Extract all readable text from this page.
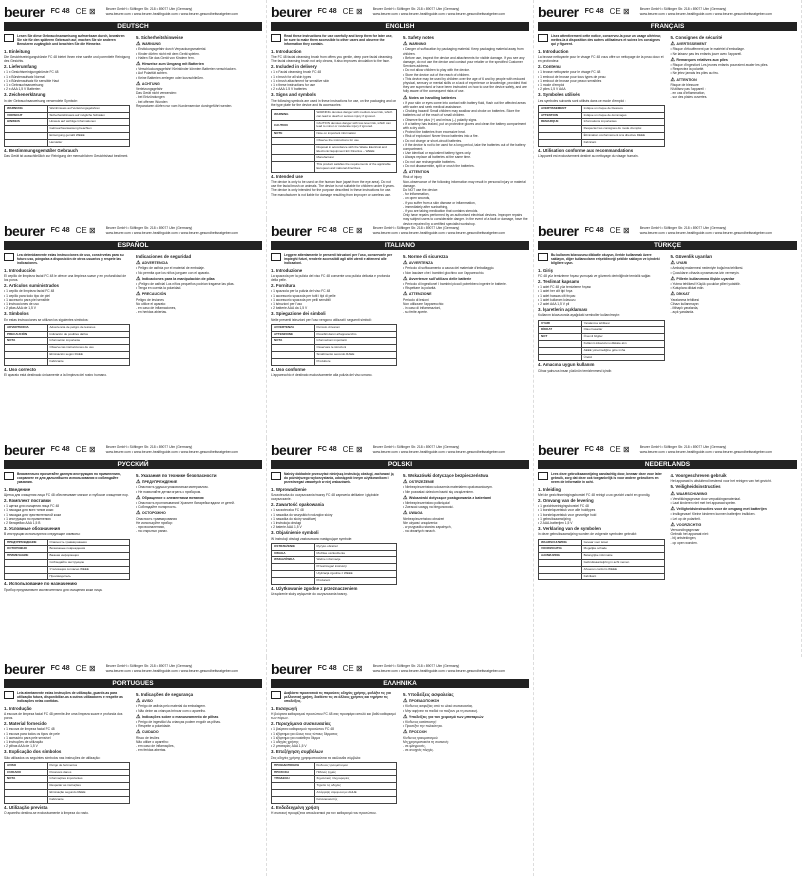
beurer FC 48 CE ⊠	Beurer GmbH • Söflinger Str. 218 • 89077 Ulm (Germany)
www.beurer.com • www.beurer-healthguide.com • www.beurer-gesundheitsratgeber.com
DEUTSCH
Lesen Sie diese Gebrauchsanweisung aufmerksam durch, bewahren Sie sie für den späteren Gebrauch auf, machen Sie sie anderen Benutzern zugänglich und beachten Sie die Hinweise.
1. Einleitung
Die Gesichtsreinigungsbürste FC 48 bietet Ihnen eine sanfte und porentiefe Reinigung des Gesichts.
2. Lieferumfang
• 1 x Gesichtsreinigungsbürste FC 48
• 1 x Bürstenaufsatz Normal
• 1 x Bürstenaufsatz für sensible Haut
• 1 x Gebrauchsanweisung
• 2 x AAA 1,5 V Batterien
3. Zeichenerklärung
In der Gebrauchsanweisung verwendete Symbole:
WARNUNG	Warnhinweis auf Verletzungsgefahren
VORSICHT	Sicherheitshinweis auf mögliche Schäden
HINWEIS	Hinweis auf wichtige Informationen
	Gebrauchsanweisung beachten
	Entsorgung gemäß WEEE
	Hersteller
4. Bestimmungsgemäßer Gebrauch
Das Gerät ist ausschließlich zur Reinigung der menschlichen Gesichtshaut bestimmt.
5. Sicherheitshinweise
⚠ WARNUNG
• Erstickungsgefahr durch Verpackungsmaterial.
• Kinder dürfen nicht mit dem Gerät spielen.
• Halten Sie das Gerät von Kindern fern.
⚠ Hinweise zum Umgang mit Batterien
• Verschluckungsgefahr! Kleinkinder könnten Batterien verschlucken.
• Auf Polarität achten.
• Keine Batterien zerlegen oder kurzschließen.
⚠ ACHTUNG
Verletzungsgefahr
Das Gerät nicht verwenden:
- bei Entzündungen
- bei offenen Wunden
Reparaturen dürfen nur vom Kundenservice durchgeführt werden.
beurer FC 48 CE ⊠	Beurer GmbH • Söflinger Str. 218 • 89077 Ulm (Germany)
www.beurer.com • www.beurer-healthguide.com • www.beurer-gesundheitsratgeber.com
ENGLISH
Read these instructions for use carefully and keep them for later use, be sure to make them accessible to other users and observe the information they contain.
1. Introduction
The FC 48 facial cleansing brush from offers you gentle, deep pore facial cleansing. The facial cleansing brush not only cleans, it also improves circulation to the face.
2. Included in delivery
• 1 x Facial cleansing brush FC 48
• 1 x brush for all skin types
• 1 x brush attachment for sensitive skin
• 1 x these instructions for use
• 2 x AAA 1.5 V batteries
3. Signs and symbols
The following symbols are used in these instructions for use, on the packaging and on the type plate for the device and its accessories:
WARNING	WARNING denotes danger with medium-level risk, which can lead to death or serious injury if ignored.
CAUTION	CAUTION denotes danger with low-level risk, which can lead to minor or moderate injury if ignored.
NOTE	Note on important information
	Observe the instructions for use
	Disposal in accordance with the Waste Electrical and Electronic Equipment EC Directive – WEEE
	Manufacturer
	This product satisfies the requirements of the applicable European and national directives.
4. Intended use
The device is only to be used on the human face (apart from the eye area). Do not use the facial brush on animals. The device is not suitable for children under 6 years.
The device is only intended for the purpose described in these instructions for use. The manufacturer is not liable for damage resulting from improper or careless use.
5. Safety notes
⚠ WARNING
• Danger of suffocation by packaging material. Keep packaging material away from children.
• Before use, inspect the device and attachments for visible damage. If you see any damage, do not use the device and contact your retailer or the specified Customer Services address.
• Do not allow children to play with the device.
• Store the device out of the reach of children.
• This device may be used by children over the age of 6 and by people with reduced physical, sensory or mental skills or a lack of experience or knowledge, provided that they are supervised or have been instructed on how to use the device safely, and are fully aware of the consequent risks of use.
⚠ Notes on handling batteries
• If your skin or eyes come into contact with battery fluid, flush out the affected areas with water and seek medical assistance.
• Choking hazard! Small children may swallow and choke on batteries. Store the batteries out of the reach of small children.
• Observe the plus (+) and minus (–) polarity signs.
• If a battery has leaked, put on protective gloves and clean the battery compartment with a dry cloth.
• Protect the batteries from excessive heat.
• Risk of explosion! Never throw batteries into a fire.
• Do not charge or short-circuit batteries.
• If the device is not to be used for a long period, take the batteries out of the battery compartment.
• Use identical or equivalent battery types only.
• Always replace all batteries at the same time.
• Do not use rechargeable batteries.
• Do not disassemble, split or crush the batteries.
⚠ ATTENTION
Risk of injury
Non-observance of the following information may result in personal injury or material damage.
Do NOT use the device:
- for inflammation,
- on open wounds,
- if you suffer from a skin disease or inflammation,
- immediately after sunbathing,
- if you are taking medication that contains steroids.
Only have repairs performed by an authorised electrical devices. Improper repairs may subject users to considerable danger. In the event of a fault or damage, have the device repaired by a certified specialist workshop.
beurer FC 48 CE ⊠	Beurer GmbH • Söflinger Str. 218 • 89077 Ulm (Germany)
www.beurer.com • www.beurer-healthguide.com • www.beurer-gesundheitsratgeber.com
FRANÇAIS
Lisez attentivement cette notice, conservez-la pour un usage ultérieur, mettez-la à disposition des autres utilisateurs et suivez les consignes qui y figurent.
1. Introduction
La brosse nettoyante pour le visage FC 48 vous offre un nettoyage de la peau doux et en profondeur.
2. Contenu
• 1 brosse nettoyante pour le visage FC 48
• 1 embout de brosse pour tous types de peau
• 1 embout de brosse pour peaux sensibles
• 1 mode d'emploi
• 2 piles 1,5 V AAA
3. Symboles utilisés
Les symboles suivants sont utilisés dans ce mode d'emploi :
AVERTISSEMENT	Indique un risque de blessure
ATTENTION	Indique un risque de dommages
REMARQUE	Informations importantes
	Respectez les consignes du mode d'emploi
	Élimination conformément à la directive DEEE
	Fabricant
4. Utilisation conforme aux recommandations
L'appareil est exclusivement destiné au nettoyage du visage humain.
5. Consignes de sécurité
⚠ AVERTISSEMENT
• Risque d'étouffement par le matériel d'emballage.
• Ne laissez pas les enfants jouer avec l'appareil.
⚠ Remarques relatives aux piles
• Risque d'ingestion! Les jeunes enfants pourraient avaler les piles.
• Respectez la polarité.
• Ne jetez jamais les piles au feu.
⚠ ATTENTION
Risque de blessure
N'utilisez pas l'appareil :
- en cas d'inflammation,
- sur des plaies ouvertes.
beurer FC 48 CE ⊠	Beurer GmbH • Söflinger Str. 218 • 89077 Ulm (Germany)
www.beurer.com • www.beurer-healthguide.com • www.beurer-gesundheitsratgeber.com
ESPAÑOL
Lea detenidamente estas instrucciones de uso, consérvelas para su futuro uso, póngalas a disposición de otros usuarios y respete las indicaciones.
1. Introducción
El cepillo de limpieza facial FC 48 le ofrece una limpieza suave y en profundidad de los poros.
2. Artículos suministrados
• 1 cepillo de limpieza facial FC 48
• 1 cepillo para todo tipo de piel
• 1 accesorio para piel sensible
• 1 instrucciones de uso
• 2 pilas AAA de 1,5 V
3. Símbolos
En estas instrucciones se utilizan los siguientes símbolos:
ADVERTENCIA	Advertencia de peligro de lesiones
PRECAUCIÓN	Indicación de posibles daños
NOTA	Información importante
	Observe las instrucciones de uso
	Eliminación según RAEE
	Fabricante
4. Uso correcto
El aparato está destinado únicamente a la limpieza del rostro humano.
Indicaciones de seguridad
⚠ ADVERTENCIA
• Peligro de asfixia por el material de embalaje.
• No permita que los niños jueguen con el aparato.
⚠ Indicaciones para la manipulación de pilas
• ¡Peligro de asfixia! Los niños pequeños podrían tragarse las pilas.
• Tenga en cuenta la polaridad.
⚠ PRECAUCIÓN
Peligro de lesiones
No utilice el aparato:
- en caso de inflamaciones,
- en heridas abiertas.
beurer FC 48 CE ⊠	Beurer GmbH • Söflinger Str. 218 • 89077 Ulm (Germany)
www.beurer.com • www.beurer-healthguide.com • www.beurer-gesundheitsratgeber.com
ITALIANO
Leggere attentamente le presenti istruzioni per l'uso, conservarle per impieghi futuri, renderle accessibili agli altri utenti e attenersi alle indicazioni.
1. Introduzione
La spazzola per la pulizia del viso FC 48 consente una pulizia delicata e profonda della pelle.
2. Fornitura
• 1 spazzola per la pulizia del viso FC 48
• 1 accessorio spazzola per tutti i tipi di pelle
• 1 accessorio spazzola per pelli sensibili
• 1 istruzioni per l'uso
• 2 batterie AAA da 1,5 V
3. Spiegazione dei simboli
Nelle presenti istruzioni per l'uso vengono utilizzati i seguenti simboli:
AVVERTENZA	Pericolo di lesioni
ATTENZIONE	Possibili danni all'apparecchio
NOTA	Informazioni importanti
	Osservare le istruzioni
	Smaltimento secondo RAEE
	Produttore
4. Uso conforme
L'apparecchio è destinato esclusivamente alla pulizia del viso umano.
5. Norme di sicurezza
⚠ AVVERTENZA
• Pericolo di soffocamento a causa del materiale d'imballaggio.
• Non lasciare che i bambini giochino con l'apparecchio.
⚠ Avvertenze sull'utilizzo delle batterie
• Pericolo di ingestione! I bambini piccoli potrebbero ingerire le batterie.
• Rispettare la polarità.
⚠ ATTENZIONE
Pericolo di lesioni
Non utilizzare l'apparecchio:
- in caso di infiammazioni,
- su ferite aperte.
beurer FC 48 CE ⊠	Beurer GmbH • Söflinger Str. 218 • 89077 Ulm (Germany)
www.beurer.com • www.beurer-healthguide.com • www.beurer-gesundheitsratgeber.com
TÜRKÇE
Bu kullanım kılavuzunu dikkatle okuyun, ileride kullanmak üzere saklayın, diğer kullanıcıların erişebileceği şekilde saklayın ve içindeki bilgilere uyun.
1. Giriş
FC 48 yüz temizleme fırçası yumuşak ve gözenek derinliğinde temizlik sağlar.
2. Teslimat kapsamı
• 1 adet FC 48 yüz temizleme fırçası
• 1 adet her cilt tipi fırça
• 1 adet hassas cilt fırçası
• 1 adet kullanım kılavuzu
• 2 adet AAA 1,5 V pil
3. İşaretlerin açıklaması
Kullanım kılavuzunda aşağıdaki semboller kullanılmıştır:
UYARI	Yaralanma tehlikesi
DİKKAT	Olası hasarlar
NOT	Önemli bilgiler
	Kullanım kılavuzunu dikkate alın
	AEEE yönetmeliğine göre imha
	Üretici
4. Amacına uygun kullanım
Cihaz yalnızca insan yüzünün temizlenmesi içindir.
5. Güvenlik uyarıları
⚠ UYARI
• Ambalaj malzemesi nedeniyle boğulma tehlikesi.
• Çocukların cihazla oynamasına izin vermeyin.
⚠ Pillerin kullanımına ilişkin uyarılar
• Yutma tehlikesi! Küçük çocuklar pilleri yutabilir.
• Kutuplara dikkat edin.
⚠ DİKKAT
Yaralanma tehlikesi
Cihazı kullanmayın:
- iltihaplı yaralarda,
- açık yaralarda.
beurer FC 48 CE ⊠	Beurer GmbH • Söflinger Str. 218 • 89077 Ulm (Germany)
www.beurer.com • www.beurer-healthguide.com • www.beurer-gesundheitsratgeber.com
РУССКИЙ
Внимательно прочитайте данную инструкцию по применению, сохраните ее для дальнейшего использования и соблюдайте указания.
1. Введение
Щетка для очищения лица FC 48 обеспечивает мягкое и глубокое очищение пор.
2. Комплект поставки
• 1 щетка для очищения лица FC 48
• 1 насадка для всех типов кожи
• 1 насадка для чувствительной кожи
• 1 инструкция по применению
• 2 батарейки AAA 1,5 В
3. Условные обозначения
В инструкции используются следующие символы:
ПРЕДУПРЕЖДЕНИЕ	Опасность травмирования
ОСТОРОЖНО	Возможные повреждения
ПРИМЕЧАНИЕ	Важная информация
	Соблюдайте инструкцию
	Утилизация согласно WEEE
	Производитель
4. Использование по назначению
Прибор предназначен исключительно для очищения кожи лица.
5. Указания по технике безопасности
⚠ ПРЕДУПРЕЖДЕНИЕ
• Опасность удушья упаковочным материалом.
• Не позволяйте детям играть с прибором.
⚠ Обращение с элементами питания
• Опасность проглатывания! Храните батарейки вдали от детей.
• Соблюдайте полярность.
⚠ ОСТОРОЖНО
Опасность травмирования
Не используйте прибор:
- при воспалениях,
- на открытых ранах.
beurer FC 48 CE ⊠	Beurer GmbH • Söflinger Str. 218 • 89077 Ulm (Germany)
www.beurer.com • www.beurer-healthguide.com • www.beurer-gesundheitsratgeber.com
POLSKI
Należy dokładnie przeczytać niniejszą instrukcję obsługi, zachować ją do późniejszego wykorzystania, udostępnić innym użytkownikom i przestrzegać zawartych w niej wskazówek.
1. Wprowadzenie
Szczoteczka do oczyszczania twarzy FC 48 zapewnia delikatne i głębokie oczyszczanie.
2. Zawartość opakowania
• 1 szczoteczka FC 48
• 1 nasadka do wszystkich rodzajów skóry
• 1 nasadka do skóry wrażliwej
• 1 instrukcja obsługi
• 2 baterie AAA 1,5 V
3. Objaśnienie symboli
W instrukcji obsługi zastosowano następujące symbole:
OSTRZEŻENIE	Ryzyko obrażeń
UWAGA	Możliwe uszkodzenia
WSKAZÓWKA	Ważne informacje
	Przestrzegać instrukcji
	Utylizacja zgodnie z WEEE
	Producent
4. Użytkowanie zgodne z przeznaczeniem
Urządzenie służy wyłącznie do oczyszczania twarzy.
5. Wskazówki dotyczące bezpieczeństwa
⚠ OSTRZEŻENIE
• Niebezpieczeństwo uduszenia materiałem opakowaniowym.
• Nie pozwalać dzieciom bawić się urządzeniem.
⚠ Wskazówki dotyczące postępowania z bateriami
• Niebezpieczeństwo połknięcia!
• Zwracać uwagę na biegunowość.
⚠ UWAGA
Niebezpieczeństwo obrażeń
Nie używać urządzenia:
- w przypadku stanów zapalnych,
- na otwartych ranach.
beurer FC 48 CE ⊠	Beurer GmbH • Söflinger Str. 218 • 89077 Ulm (Germany)
www.beurer.com • www.beurer-healthguide.com • www.beurer-gesundheitsratgeber.com
NEDERLANDS
Lees deze gebruiksaanwijzing aandachtig door, bewaar deze voor later gebruik, zorg dat deze ook toegankelijk is voor andere gebruikers en neem de informatie in acht.
1. Inleiding
Met de gezichtsreinigingsborstel FC 48 reinigt u uw gezicht zacht en grondig.
2. Omvang van de levering
• 1 gezichtsreinigingsborstel FC 48
• 1 borstelopzetstuk voor alle huidtypes
• 1 borstelopzetstuk voor gevoelige huid
• 1 gebruiksaanwijzing
• 2 AAA-batterijen 1,5 V
3. Verklaring van de symbolen
In deze gebruiksaanwijzing worden de volgende symbolen gebruikt:
WAARSCHUWING	Gevaar voor letsel
VOORZICHTIG	Mogelijke schade
AANWIJZING	Belangrijke informatie
	Gebruiksaanwijzing in acht nemen
	Afvoeren conform WEEE
	Fabrikant
4. Voorgeschreven gebruik
Het apparaat is uitsluitend bestemd voor het reinigen van het gezicht.
5. Veiligheidsinstructies
⚠ WAARSCHUWING
• Verstikkingsgevaar door verpakkingsmateriaal.
• Laat kinderen niet met het apparaat spelen.
⚠ Veiligheidsinstructies voor de omgang met batterijen
• Inslikgevaar! Kleine kinderen kunnen batterijen inslikken.
• Let op de polariteit.
⚠ VOORZICHTIG
Verwondingsgevaar
Gebruik het apparaat niet:
- bij ontstekingen,
- op open wonden.
beurer FC 48 CE ⊠	Beurer GmbH • Söflinger Str. 218 • 89077 Ulm (Germany)
www.beurer.com • www.beurer-healthguide.com • www.beurer-gesundheitsratgeber.com
PORTUGUES
Leia atentamente estas instruções de utilização, guarde-as para utilização futura, disponibilize-as a outros utilizadores e respeite as indicações nelas contidas.
1. Introdução
A escova de limpeza facial FC 48 permite-lhe uma limpeza suave e profunda dos poros.
2. Material fornecido
• 1 escova de limpeza facial FC 48
• 1 escova para todos os tipos de pele
• 1 acessório para pele sensível
• 1 instruções de utilização
• 2 pilhas AAA de 1,5 V
3. Explicação dos símbolos
São utilizados os seguintes símbolos nas instruções de utilização:
AVISO	Perigo de ferimentos
CUIDADO	Possíveis danos
NOTA	Informações importantes
	Respeitar as instruções
	Eliminação segundo REEE
	Fabricante
4. Utilização prevista
O aparelho destina-se exclusivamente à limpeza do rosto.
5. Indicações de segurança
⚠ AVISO
• Perigo de asfixia pelo material da embalagem.
• Não deixe as crianças brincar com o aparelho.
⚠ Indicações sobre o manuseamento de pilhas
• Perigo de ingestão! As crianças podem engolir as pilhas.
• Respeite a polaridade.
⚠ CUIDADO
Risco de lesões
Não utilize o aparelho:
- em caso de inflamações,
- em feridas abertas.
beurer FC 48 CE ⊠	Beurer GmbH • Söflinger Str. 218 • 89077 Ulm (Germany)
www.beurer.com • www.beurer-healthguide.com • www.beurer-gesundheitsratgeber.com
ΕΛΛΗΝΙΚΑ
Διαβάστε προσεκτικά τις παρούσες οδηγίες χρήσης, φυλάξτε τις για μελλοντική χρήση, διαθέστε τις σε άλλους χρήστες και τηρήστε τις υποδείξεις.
1. Εισαγωγή
Η βούρτσα καθαρισμού προσώπου FC 48 σας προσφέρει απαλό και βαθύ καθαρισμό των πόρων.
2. Περιεχόμενα συσκευασίας
• 1 βούρτσα καθαρισμού προσώπου FC 48
• 1 εξάρτημα για όλους τους τύπους δέρματος
• 1 εξάρτημα για ευαίσθητο δέρμα
• 1 οδηγίες χρήσης
• 2 μπαταρίες AAA 1,5 V
3. Επεξήγηση συμβόλων
Στις οδηγίες χρήσης χρησιμοποιούνται τα ακόλουθα σύμβολα:
ΠΡΟΕΙΔΟΠΟΙΗΣΗ	Κίνδυνος τραυματισμού
ΠΡΟΣΟΧΗ	Πιθανές ζημιές
ΥΠΟΔΕΙΞΗ	Σημαντικές πληροφορίες
	Τηρείτε τις οδηγίες
	Απόρριψη σύμφωνα με ΑΗΗΕ
	Κατασκευαστής
4. Ενδεδειγμένη χρήση
Η συσκευή προορίζεται αποκλειστικά για τον καθαρισμό του προσώπου.
5. Υποδείξεις ασφαλείας
⚠ ΠΡΟΕΙΔΟΠΟΙΗΣΗ
• Κίνδυνος ασφυξίας από το υλικό συσκευασίας.
• Μην αφήνετε τα παιδιά να παίζουν με τη συσκευή.
⚠ Υποδείξεις για τον χειρισμό των μπαταριών
• Κίνδυνος κατάποσης!
• Προσέξτε την πολικότητα.
⚠ ΠΡΟΣΟΧΗ
Κίνδυνος τραυματισμού
Μη χρησιμοποιείτε τη συσκευή:
- σε φλεγμονές,
- σε ανοιχτές πληγές.
